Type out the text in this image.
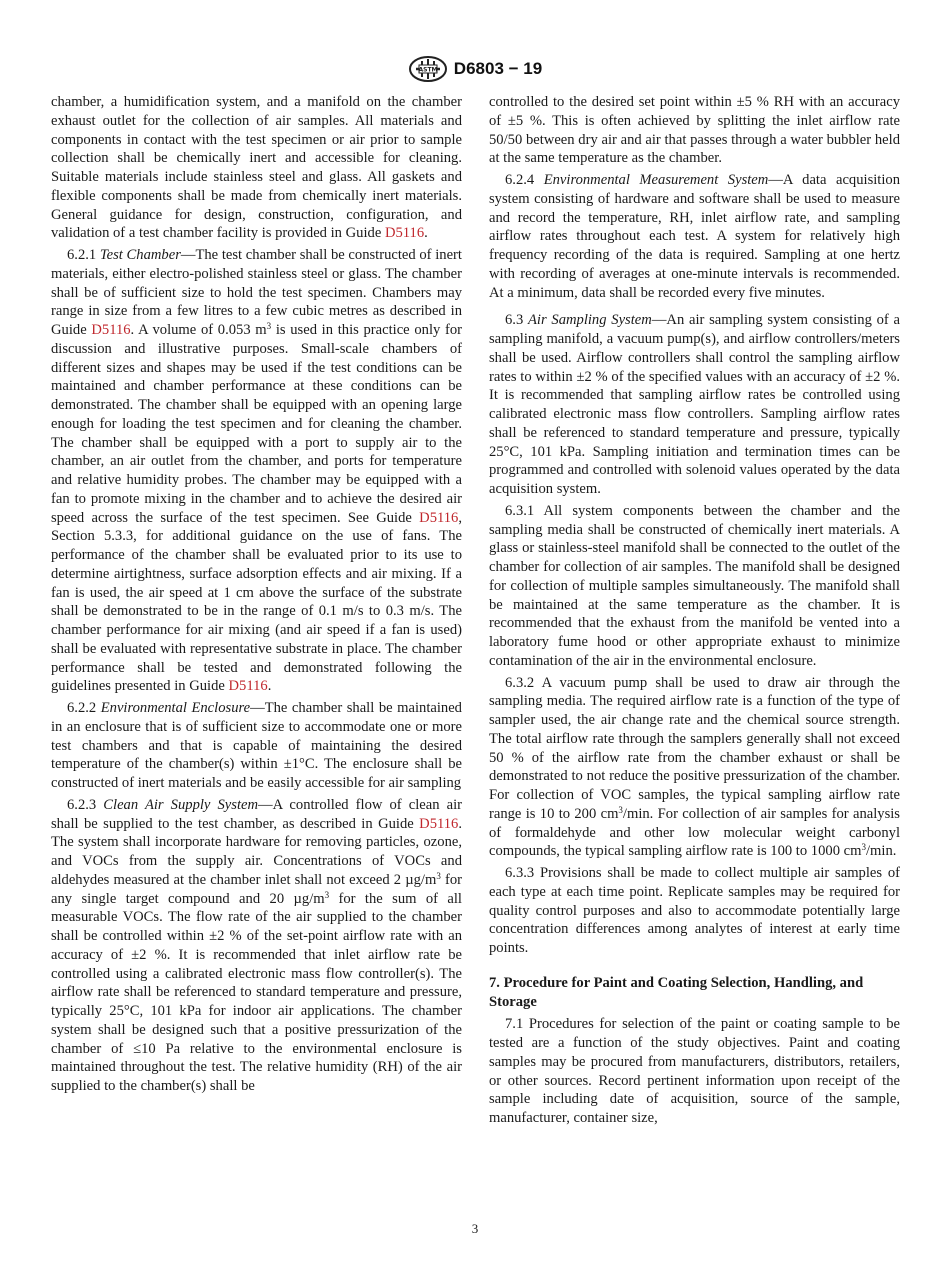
ASTM D6803 − 19

chamber, a humidification system, and a manifold on the chamber exhaust outlet for the collection of air samples. All materials and components in contact with the test specimen or air prior to sample collection shall be chemically inert and accessible for cleaning. Suitable materials include stainless steel and glass. All gaskets and flexible components shall be made from chemically inert materials. General guidance for design, construction, configuration, and validation of a test chamber facility is provided in Guide D5116.

6.2.1 Test Chamber—The test chamber shall be constructed of inert materials, either electro-polished stainless steel or glass. The chamber shall be of sufficient size to hold the test specimen. Chambers may range in size from a few litres to a few cubic metres as described in Guide D5116. A volume of 0.053 $m^3$ is used in this practice only for discussion and illustrative purposes. Small-scale chambers of different sizes and shapes may be used if the test conditions can be maintained and chamber performance at these conditions can be demonstrated. The chamber shall be equipped with an opening large enough for loading the test specimen and for cleaning the chamber. The chamber shall be equipped with a port to supply air to the chamber, an air outlet from the chamber, and ports for temperature and relative humidity probes. The chamber may be equipped with a fan to promote mixing in the chamber and to achieve the desired air speed across the surface of the test specimen. See Guide D5116, Section 5.3.3, for additional guidance on the use of fans. The performance of the chamber shall be evaluated prior to its use to determine airtightness, surface adsorption effects and air mixing. If a fan is used, the air speed at 1 cm above the surface of the substrate shall be demonstrated to be in the range of 0.1 m/s to 0.3 m/s. The chamber performance for air mixing (and air speed if a fan is used) shall be evaluated with representative substrate in place. The chamber performance shall be tested and demonstrated following the guidelines presented in Guide D5116.

6.2.2 Environmental Enclosure—The chamber shall be maintained in an enclosure that is of sufficient size to accommodate one or more test chambers and that is capable of maintaining the desired temperature of the chamber(s) within ±1°C. The enclosure shall be constructed of inert materials and be easily accessible for air sampling

6.2.3 Clean Air Supply System—A controlled flow of clean air shall be supplied to the test chamber, as described in Guide D5116. The system shall incorporate hardware for removing particles, ozone, and VOCs from the supply air. Concentrations of VOCs and aldehydes measured at the chamber inlet shall not exceed 2 $\mu g/m^3$ for any single target compound and 20 $\mu g/m^3$ for the sum of all measurable VOCs. The flow rate of the air supplied to the chamber shall be controlled within ±2 % of the set-point airflow rate with an accuracy of ±2 %. It is recommended that inlet airflow rate be controlled using a calibrated electronic mass flow controller(s). The airflow rate shall be referenced to standard temperature and pressure, typically 25°C, 101 kPa for indoor air applications. The chamber system shall be designed such that a positive pressurization of the chamber of ≤10 Pa relative to the environmental enclosure is maintained throughout the test. The relative humidity (RH) of the air supplied to the chamber(s) shall be

controlled to the desired set point within ±5 % RH with an accuracy of ±5 %. This is often achieved by splitting the inlet airflow rate 50/50 between dry air and air that passes through a water bubbler held at the same temperature as the chamber.

6.2.4 Environmental Measurement System—A data acquisition system consisting of hardware and software shall be used to measure and record the temperature, RH, inlet airflow rate, and sampling airflow rates throughout each test. A system for relatively high frequency recording of the data is required. Sampling at one hertz with recording of averages at one-minute intervals is recommended. At a minimum, data shall be recorded every five minutes.

6.3 Air Sampling System—An air sampling system consisting of a sampling manifold, a vacuum pump(s), and airflow controllers/meters shall be used. Airflow controllers shall control the sampling airflow rates to within ±2 % of the specified values with an accuracy of ±2 %. It is recommended that sampling airflow rates be controlled using calibrated electronic mass flow controllers. Sampling airflow rates shall be referenced to standard temperature and pressure, typically 25°C, 101 kPa. Sampling initiation and termination times can be programmed and controlled with solenoid values operated by the data acquisition system.

6.3.1 All system components between the chamber and the sampling media shall be constructed of chemically inert materials. A glass or stainless-steel manifold shall be connected to the outlet of the chamber for collection of air samples. The manifold shall be designed for collection of multiple samples simultaneously. The manifold shall be maintained at the same temperature as the chamber. It is recommended that the exhaust from the manifold be vented into a laboratory fume hood or other appropriate exhaust to minimize contamination of the air in the environmental enclosure.

6.3.2 A vacuum pump shall be used to draw air through the sampling media. The required airflow rate is a function of the type of sampler used, the air change rate and the chemical source strength. The total airflow rate through the samplers generally shall not exceed 50 % of the airflow rate from the chamber exhaust or shall be demonstrated to not reduce the positive pressurization of the chamber. For collection of VOC samples, the typical sampling airflow rate range is 10 to 200 $cm^3/\min$. For collection of air samples for analysis of formaldehyde and other low molecular weight carbonyl compounds, the typical sampling airflow rate is 100 to 1000 $cm^3/\min$.

6.3.3 Provisions shall be made to collect multiple air samples of each type at each time point. Replicate samples may be required for quality control purposes and also to accommodate potentially large concentration differences among analytes of interest at early time points.

7. Procedure for Paint and Coating Selection, Handling, and Storage

7.1 Procedures for selection of the paint or coating sample to be tested are a function of the study objectives. Paint and coating samples may be procured from manufacturers, distributors, retailers, or other sources. Record pertinent information upon receipt of the sample including date of acquisition, source of the sample, manufacturer, container size,

3
